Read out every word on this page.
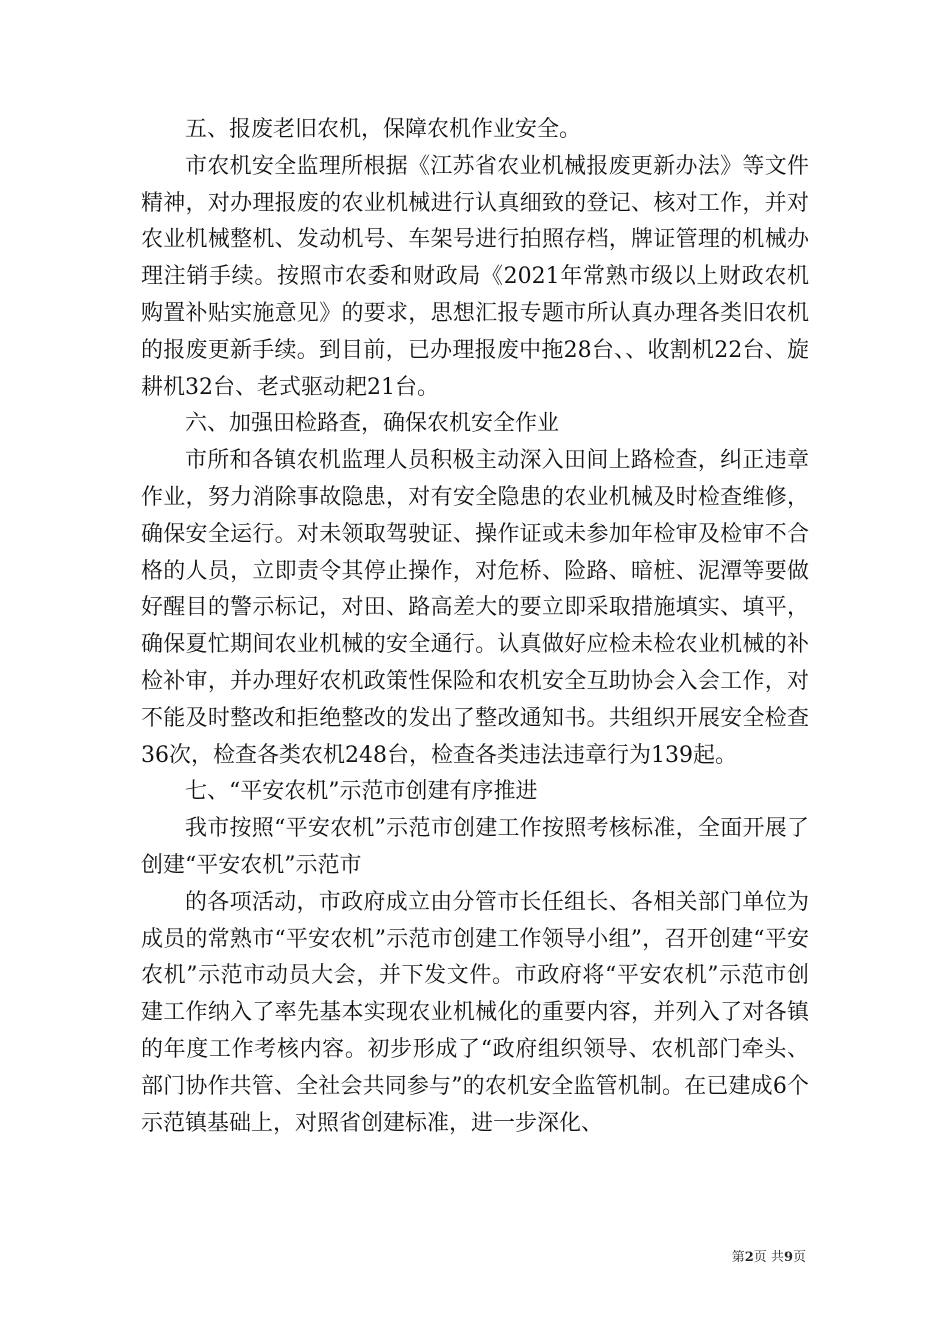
五、报废老旧农机，保障农机作业安全。

市农机安全监理所根据《江苏省农业机械报废更新办法》等文件精神，对办理报废的农业机械进行认真细致的登记、核对工作，并对农业机械整机、发动机号、车架号进行拍照存档，牌证管理的机械办理注销手续。按照市农委和财政局《2021年常熟市级以上财政农机购置补贴实施意见》的要求，思想汇报专题市所认真办理各类旧农机的报废更新手续。到目前，已办理报废中拖28台、、收割机22台、旋耕机32台、老式驱动耙21台。

六、加强田检路查，确保农机安全作业

市所和各镇农机监理人员积极主动深入田间上路检查，纠正违章作业，努力消除事故隐患，对有安全隐患的农业机械及时检查维修，确保安全运行。对未领取驾驶证、操作证或未参加年检审及检审不合格的人员，立即责令其停止操作，对危桥、险路、暗桩、泥潭等要做好醒目的警示标记，对田、路高差大的要立即采取措施填实、填平，确保夏忙期间农业机械的安全通行。认真做好应检未检农业机械的补检补审，并办理好农机政策性保险和农机安全互助协会入会工作，对不能及时整改和拒绝整改的发出了整改通知书。共组织开展安全检查36次，检查各类农机248台，检查各类违法违章行为139起。

七、“平安农机”示范市创建有序推进

我市按照“平安农机”示范市创建工作按照考核标准，全面开展了创建“平安农机”示范市

的各项活动，市政府成立由分管市长任组长、各相关部门单位为成员的常熟市“平安农机”示范市创建工作领导小组”，召开创建“平安农机”示范市动员大会，并下发文件。市政府将“平安农机”示范市创建工作纳入了率先基本实现农业机械化的重要内容，并列入了对各镇的年度工作考核内容。初步形成了“政府组织领导、农机部门牵头、部门协作共管、全社会共同参与”的农机安全监管机制。在已建成6个示范镇基础上，对照省创建标准，进一步深化、

第2页 共9页
